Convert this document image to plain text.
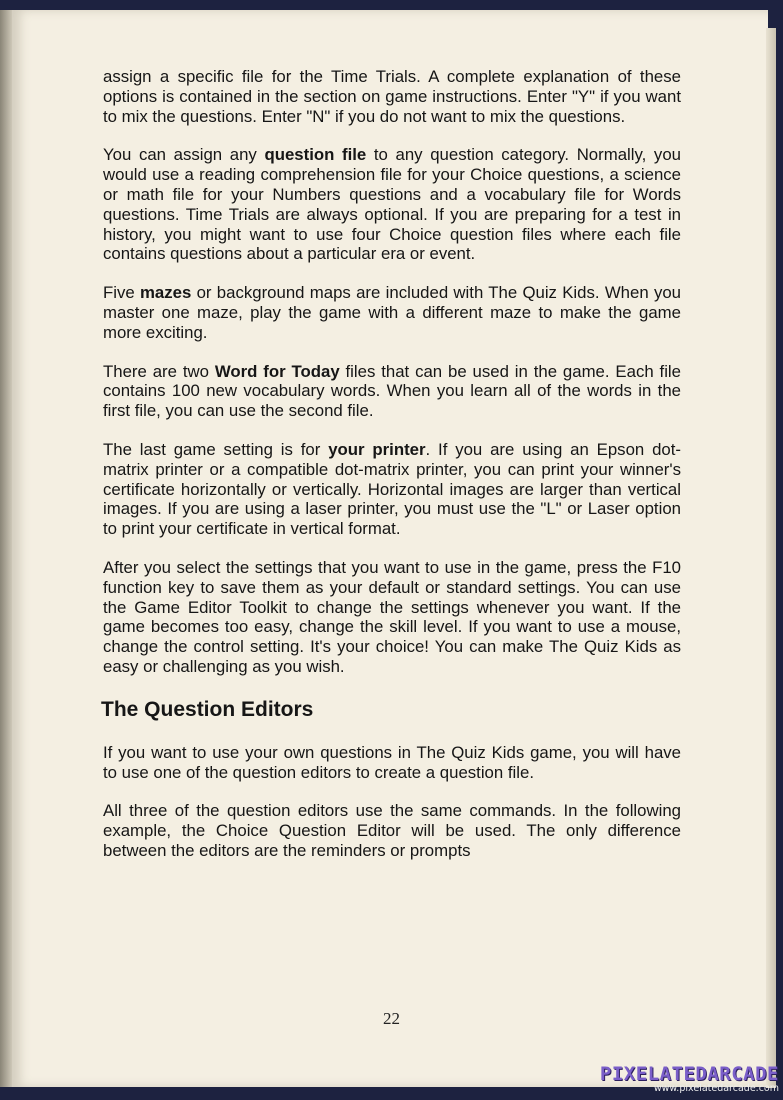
assign a specific file for the Time Trials. A complete explanation of these options is contained in the section on game instructions. Enter "Y" if you want to mix the questions. Enter "N" if you do not want to mix the questions.

You can assign any question file to any question category. Normally, you would use a reading comprehension file for your Choice questions, a science or math file for your Numbers questions and a vocabulary file for Words questions. Time Trials are always optional. If you are preparing for a test in history, you might want to use four Choice question files where each file contains questions about a particular era or event.

Five mazes or background maps are included with The Quiz Kids. When you master one maze, play the game with a different maze to make the game more exciting.

There are two Word for Today files that can be used in the game. Each file contains 100 new vocabulary words. When you learn all of the words in the first file, you can use the second file.

The last game setting is for your printer. If you are using an Epson dot-matrix printer or a compatible dot-matrix printer, you can print your winner's certificate horizontally or vertically. Horizontal images are larger than vertical images. If you are using a laser printer, you must use the "L" or Laser option to print your certificate in vertical format.

After you select the settings that you want to use in the game, press the F10 function key to save them as your default or standard settings. You can use the Game Editor Toolkit to change the settings whenever you want. If the game becomes too easy, change the skill level. If you want to use a mouse, change the control setting. It's your choice! You can make The Quiz Kids as easy or challenging as you wish.

The Question Editors

If you want to use your own questions in The Quiz Kids game, you will have to use one of the question editors to create a question file.

All three of the question editors use the same commands. In the following example, the Choice Question Editor will be used. The only difference between the editors are the reminders or prompts

22
PIXELATEDARCADE
www.pixelatedarcade.com
